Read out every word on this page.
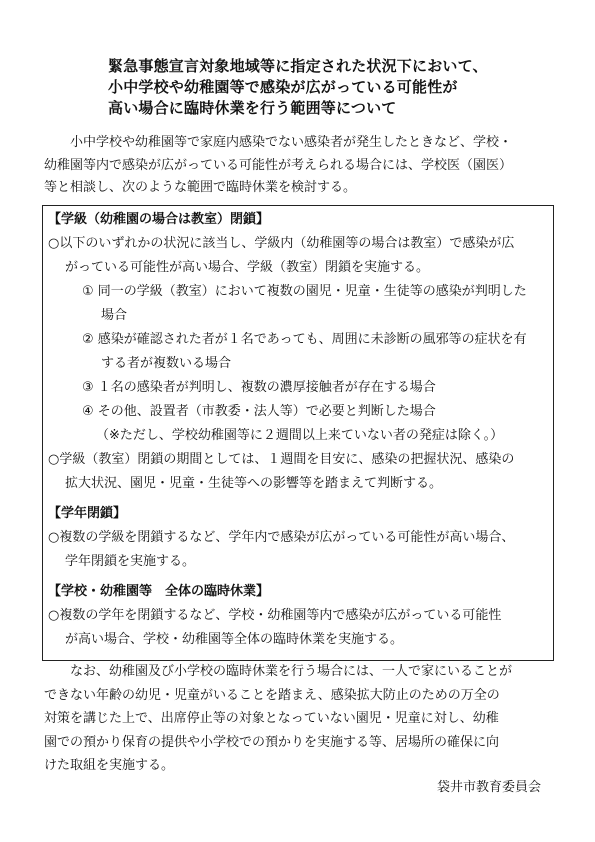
緊急事態宣言対象地域等に指定された状況下において、
小中学校や幼稚園等で感染が広がっている可能性が
高い場合に臨時休業を行う範囲等について
小中学校や幼稚園等で家庭内感染でない感染者が発生したときなど、学校・
幼稚園等内で感染が広がっている可能性が考えられる場合には、学校医（園医）
等と相談し、次のような範囲で臨時休業を検討する。
【学級（幼稚園の場合は教室）閉鎖】
○以下のいずれかの状況に該当し、学級内（幼稚園等の場合は教室）で感染が広
がっている可能性が高い場合、学級（教室）閉鎖を実施する。
① 同一の学級（教室）において複数の園児・児童・生徒等の感染が判明した
場合
② 感染が確認された者が１名であっても、周囲に未診断の風邪等の症状を有
する者が複数いる場合
③ １名の感染者が判明し、複数の濃厚接触者が存在する場合
④ その他、設置者（市教委・法人等）で必要と判断した場合
（※ただし、学校幼稚園等に２週間以上来ていない者の発症は除く。）
○学級（教室）閉鎖の期間としては、１週間を目安に、感染の把握状況、感染の
拡大状況、園児・児童・生徒等への影響等を踏まえて判断する。
【学年閉鎖】
○複数の学級を閉鎖するなど、学年内で感染が広がっている可能性が高い場合、
学年閉鎖を実施する。
【学校・幼稚園等　全体の臨時休業】
○複数の学年を閉鎖するなど、学校・幼稚園等内で感染が広がっている可能性
が高い場合、学校・幼稚園等全体の臨時休業を実施する。
なお、幼稚園及び小学校の臨時休業を行う場合には、一人で家にいることが
できない年齢の幼児・児童がいることを踏まえ、感染拡大防止のための万全の
対策を講じた上で、出席停止等の対象となっていない園児・児童に対し、幼稚
園での預かり保育の提供や小学校での預かりを実施する等、居場所の確保に向
けた取組を実施する。
袋井市教育委員会
